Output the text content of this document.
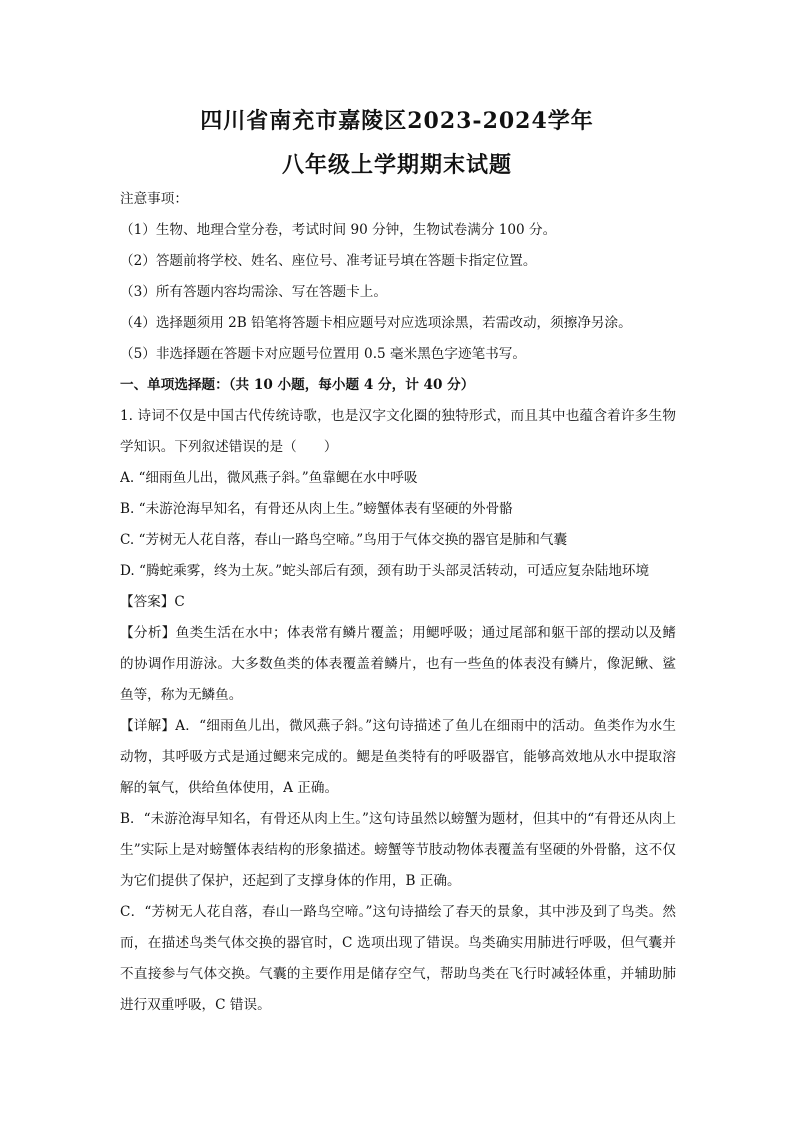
四川省南充市嘉陵区2023-2024学年
八年级上学期期末试题
注意事项：
（1）生物、地理合堂分卷，考试时间 90 分钟，生物试卷满分 100 分。
（2）答题前将学校、姓名、座位号、准考证号填在答题卡指定位置。
（3）所有答题内容均需涂、写在答题卡上。
（4）选择题须用 2B 铅笔将答题卡相应题号对应选项涂黑，若需改动，须擦净另涂。
（5）非选择题在答题卡对应题号位置用 0.5 毫米黑色字迹笔书写。
一、单项选择题：（共 10 小题，每小题 4 分，计 40 分）
1. 诗词不仅是中国古代传统诗歌，也是汉字文化圈的独特形式，而且其中也蕴含着许多生物学知识。下列叙述错误的是（　　）
A. “细雨鱼儿出，微风燕子斜。”鱼靠鳃在水中呼吸
B. “未游沧海早知名，有骨还从肉上生。”螃蟹体表有坚硬的外骨骼
C. “芳树无人花自落，春山一路鸟空啼。”鸟用于气体交换的器官是肺和气囊
D. “腾蛇乘雾，终为土灰。”蛇头部后有颈，颈有助于头部灵活转动，可适应复杂陆地环境
【答案】C
【分析】鱼类生活在水中；体表常有鳞片覆盖；用鳃呼吸；通过尾部和躯干部的摆动以及鳍的协调作用游泳。大多数鱼类的体表覆盖着鳞片，也有一些鱼的体表没有鳞片，像泥鳅、鲨鱼等，称为无鳞鱼。
【详解】A．“细雨鱼儿出，微风燕子斜。”这句诗描述了鱼儿在细雨中的活动。鱼类作为水生动物，其呼吸方式是通过鳃来完成的。鳃是鱼类特有的呼吸器官，能够高效地从水中提取溶解的氧气，供给鱼体使用，A 正确。
B．“未游沧海早知名，有骨还从肉上生。”这句诗虽然以螃蟹为题材，但其中的“有骨还从肉上生”实际上是对螃蟹体表结构的形象描述。螃蟹等节肢动物体表覆盖有坚硬的外骨骼，这不仅为它们提供了保护，还起到了支撑身体的作用，B 正确。
C．“芳树无人花自落，春山一路鸟空啼。”这句诗描绘了春天的景象，其中涉及到了鸟类。然而，在描述鸟类气体交换的器官时，C 选项出现了错误。鸟类确实用肺进行呼吸，但气囊并不直接参与气体交换。气囊的主要作用是储存空气，帮助鸟类在飞行时减轻体重，并辅助肺进行双重呼吸，C 错误。
